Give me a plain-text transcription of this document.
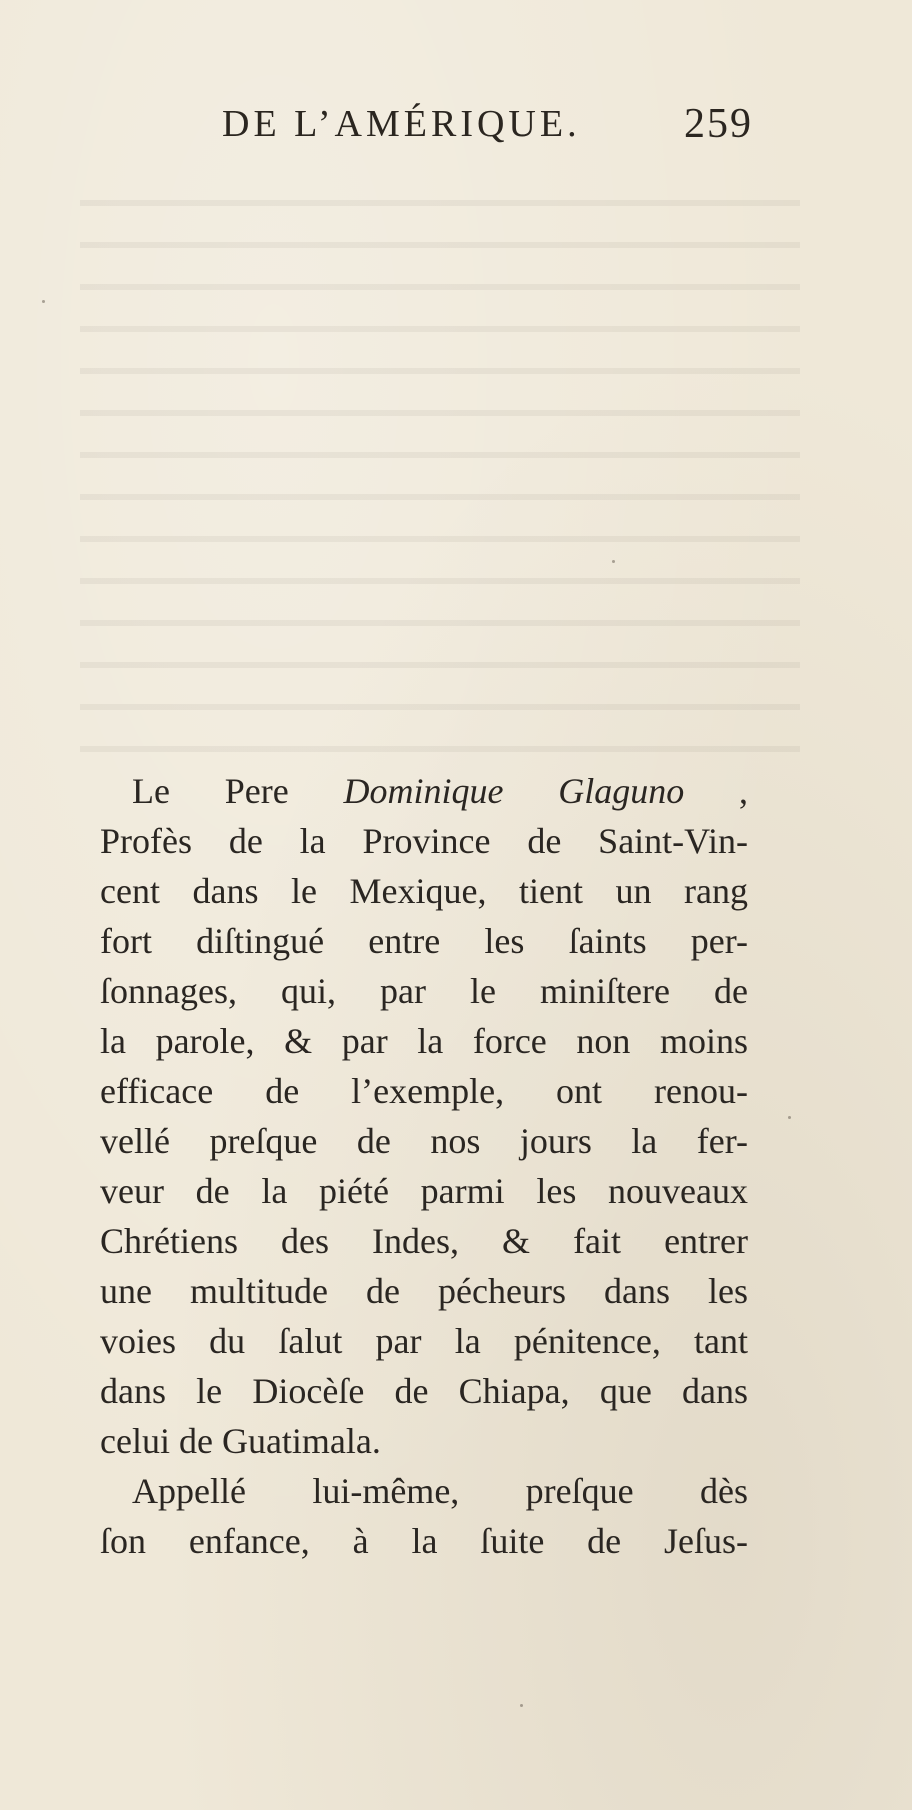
DE L’AMÉRIQUE. 259
Le Pere Dominique Glaguno ,
Profès de la Province de Saint-Vin-
cent dans le Mexique, tient un rang
fort diſtingué entre les ſaints per-
ſonnages, qui, par le miniſtere de
la parole, & par la force non moins
efficace de l’exemple, ont renou-
vellé preſque de nos jours la fer-
veur de la piété parmi les nouveaux
Chrétiens des Indes, & fait entrer
une multitude de pécheurs dans les
voies du ſalut par la pénitence, tant
dans le Diocèſe de Chiapa, que dans
celui de Guatimala.
Appellé lui-même, preſque dès
ſon enfance, à la ſuite de Jeſus-
